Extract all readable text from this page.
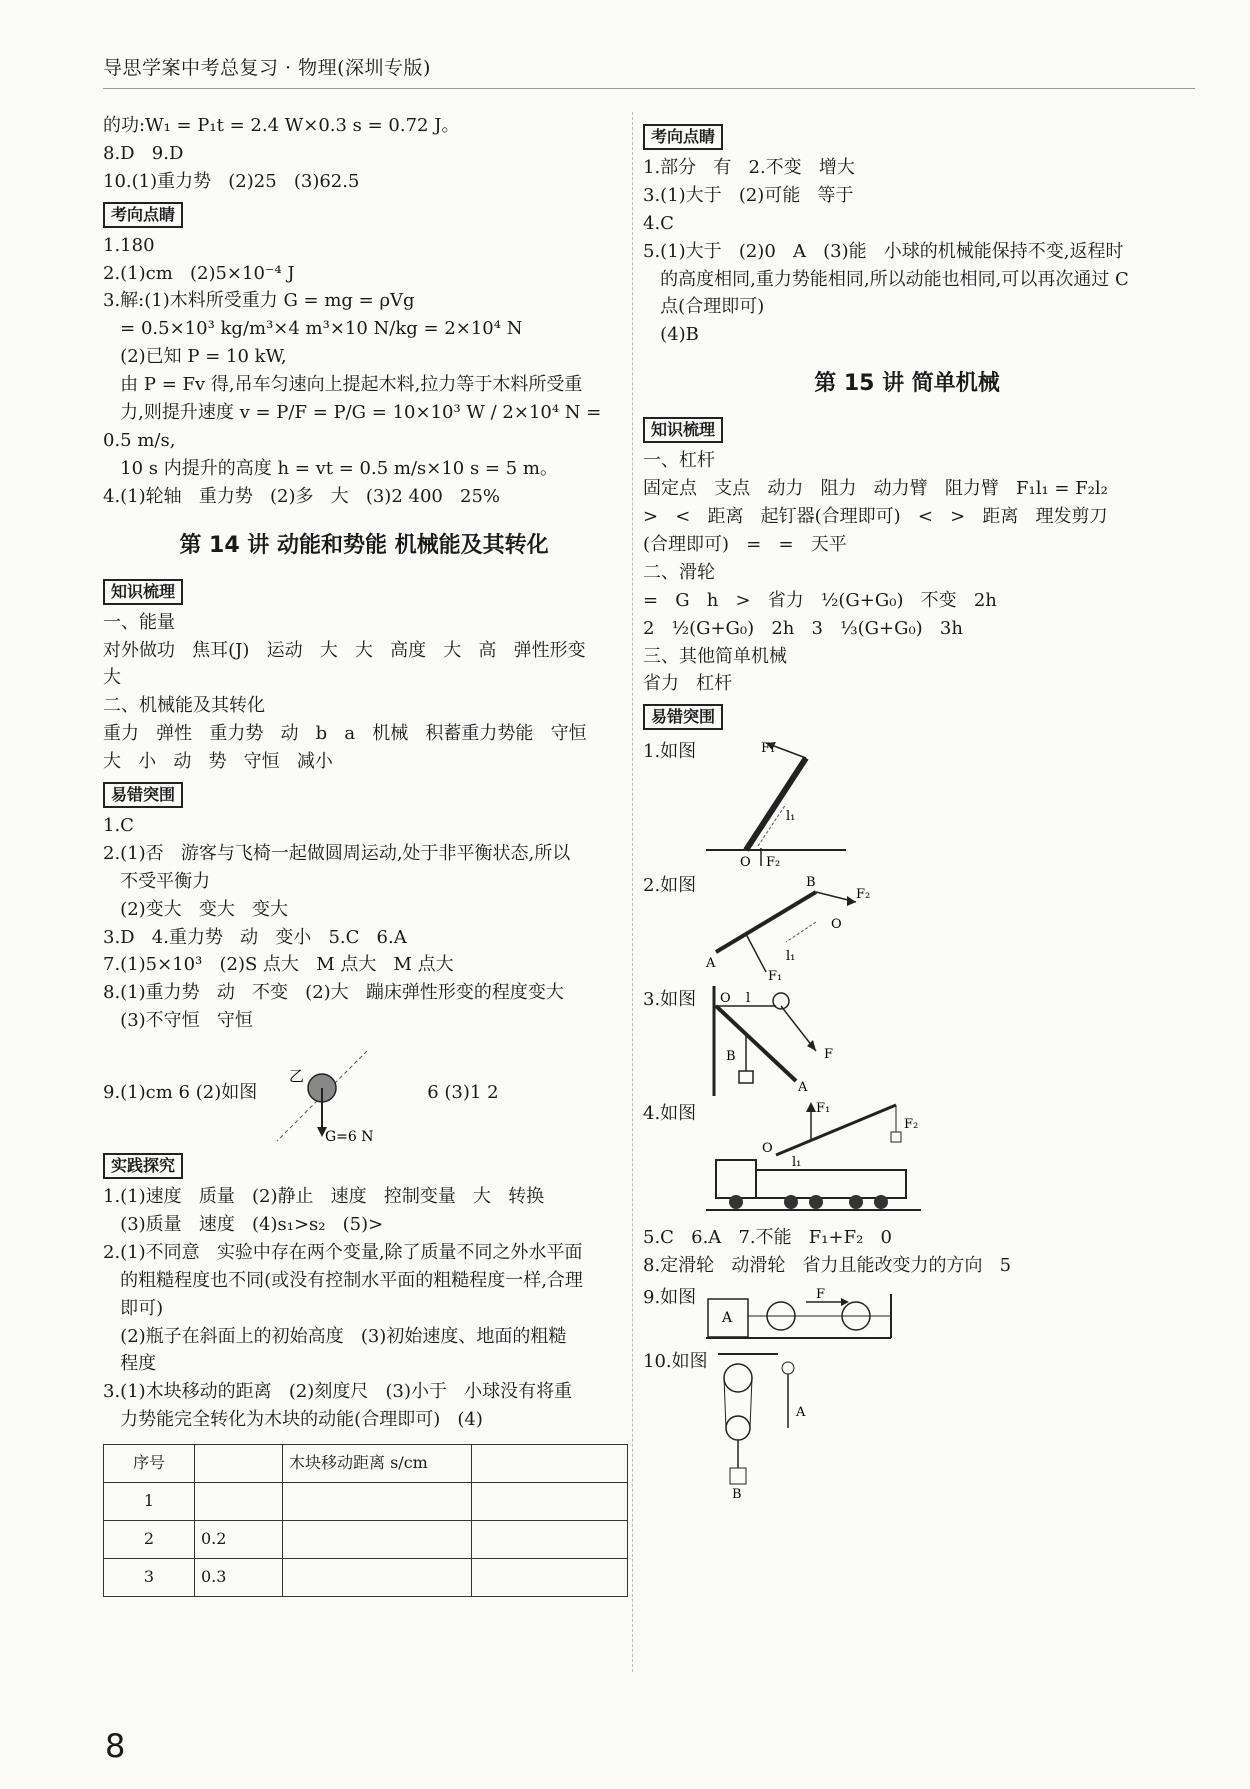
导思学案中考总复习 · 物理(深圳专版)
的功:W₁ = P₁t = 2.4 W×0.3 s = 0.72 J。
8.D   9.D
10.(1)重力势   (2)25   (3)62.5
考向点睛
1.180
2.(1)cm   (2)5×10⁻⁴ J
3.解:(1)木料所受重力 G = mg = ρVg
= 0.5×10³ kg/m³×4 m³×10 N/kg = 2×10⁴ N
(2)已知 P = 10 kW,
由 P = Fv 得,吊车匀速向上提起木料,拉力等于木料所受重
力,则提升速度 v = P/F = P/G = 10×10³ W / 2×10⁴ N = 0.5 m/s,
10 s 内提升的高度 h = vt = 0.5 m/s×10 s = 5 m。
4.(1)轮轴   重力势   (2)多   大   (3)2 400   25%
第 14 讲 动能和势能 机械能及其转化
知识梳理
一、能量
对外做功   焦耳(J)   运动   大   大   高度   大   高   弹性形变
大
二、机械能及其转化
重力   弹性   重力势   动   b   a   机械   积蓄重力势能   守恒
大   小   动   势   守恒   减小
易错突围
1.C
2.(1)否   游客与飞椅一起做圆周运动,处于非平衡状态,所以
不受平衡力
(2)变大   变大   变大
3.D   4.重力势   动   变小   5.C   6.A
7.(1)5×10³   (2)S 点大   M 点大   M 点大
8.(1)重力势   动   不变   (2)大   蹦床弹性形变的程度变大
(3)不守恒   守恒
9.(1)cm 6 (2)如图
乙
G=6 N
6 (3)1 2
实践探究
1.(1)速度   质量   (2)静止   速度   控制变量   大   转换
(3)质量   速度   (4)s₁>s₂   (5)>
2.(1)不同意   实验中存在两个变量,除了质量不同之外水平面
的粗糙程度也不同(或没有控制水平面的粗糙程度一样,合理
即可)
(2)瓶子在斜面上的初始高度   (3)初始速度、地面的粗糙
程度
3.(1)木块移动的距离   (2)刻度尺   (3)小于   小球没有将重
力势能完全转化为木块的动能(合理即可)   (4)
序号		木块移动距离 s/cm	
1			
2	0.2		
3	0.3		
考向点睛
1.部分   有   2.不变   增大
3.(1)大于   (2)可能   等于
4.C
5.(1)大于   (2)0   A   (3)能   小球的机械能保持不变,返程时
的高度相同,重力势能相同,所以动能也相同,可以再次通过 C
点(合理即可)
(4)B
第 15 讲 简单机械
知识梳理
一、杠杆
固定点   支点   动力   阻力   动力臂   阻力臂   F₁l₁ = F₂l₂
>   <   距离   起钉器(合理即可)   <   >   距离   理发剪刀
(合理即可)   =   =   天平
二、滑轮
=   G   h   >   省力   ½(G+G₀)   不变   2h
2   ½(G+G₀)   2h   3   ⅓(G+G₀)   3h
三、其他简单机械
省力   杠杆
易错突围
1.如图	F₁
l₁
O F₂
2.如图
A
B
O
F₂
F₁
l₁
3.如图 O l
F
B
A
4.如图
O
F₁
F₂
l₁
5.C   6.A   7.不能   F₁+F₂   0
8.定滑轮   动滑轮   省力且能改变力的方向   5
9.如图
A
F
10.如图
A
B
8
